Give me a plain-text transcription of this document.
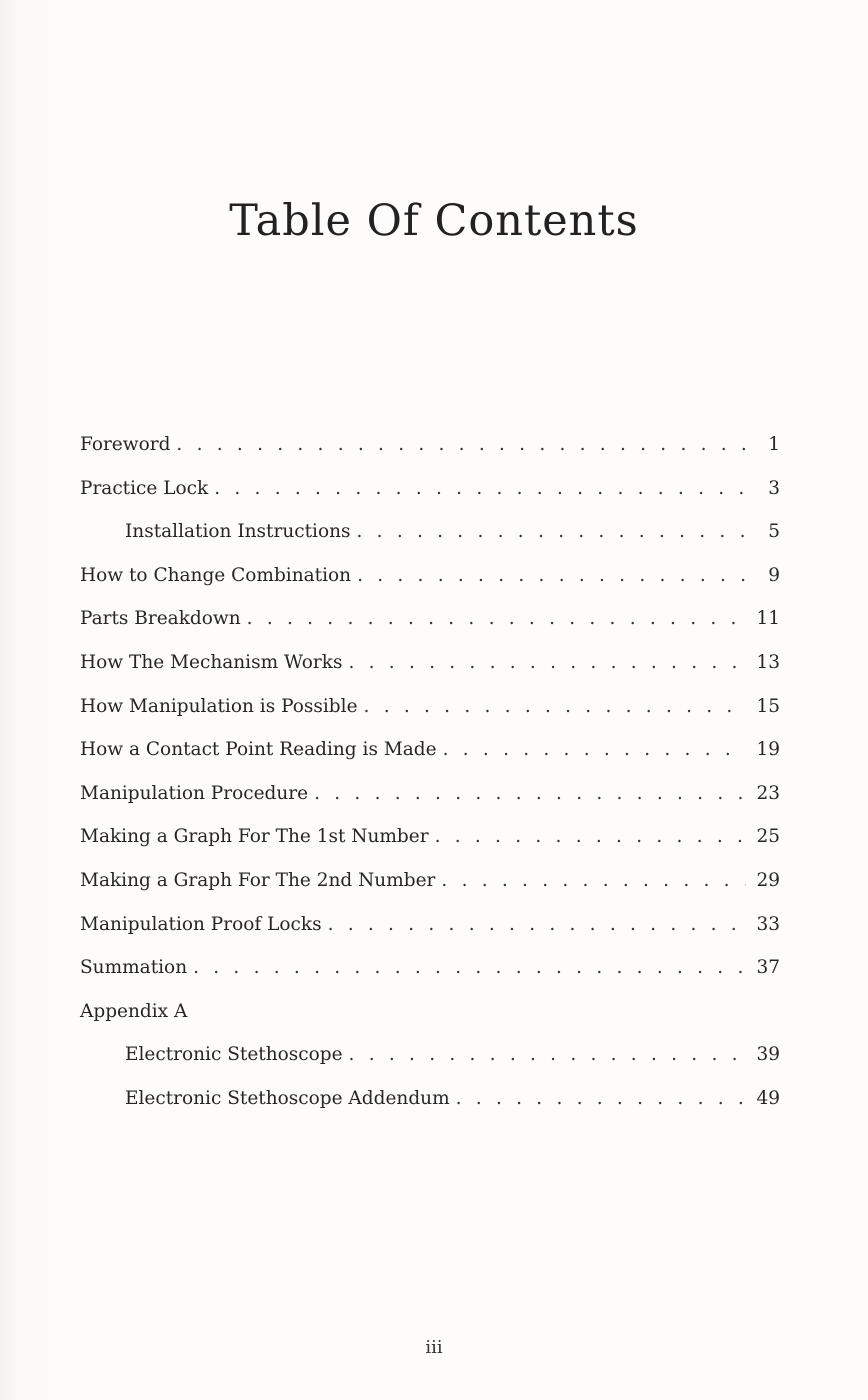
Table Of Contents
Foreword . . .	1
Practice Lock . . .	3
Installation Instructions . . .	5
How to Change Combination . . .	9
Parts Breakdown . . .	11
How The Mechanism Works . . .	13
How Manipulation is Possible . . .	15
How a Contact Point Reading is Made . . .	19
Manipulation Procedure . . .	23
Making a Graph For The 1st Number . . .	25
Making a Graph For The 2nd Number . . .	29
Manipulation Proof Locks . . .	33
Summation . . .	37
Appendix A
Electronic Stethoscope . . .	39
Electronic Stethoscope Addendum . . .	49
iii
